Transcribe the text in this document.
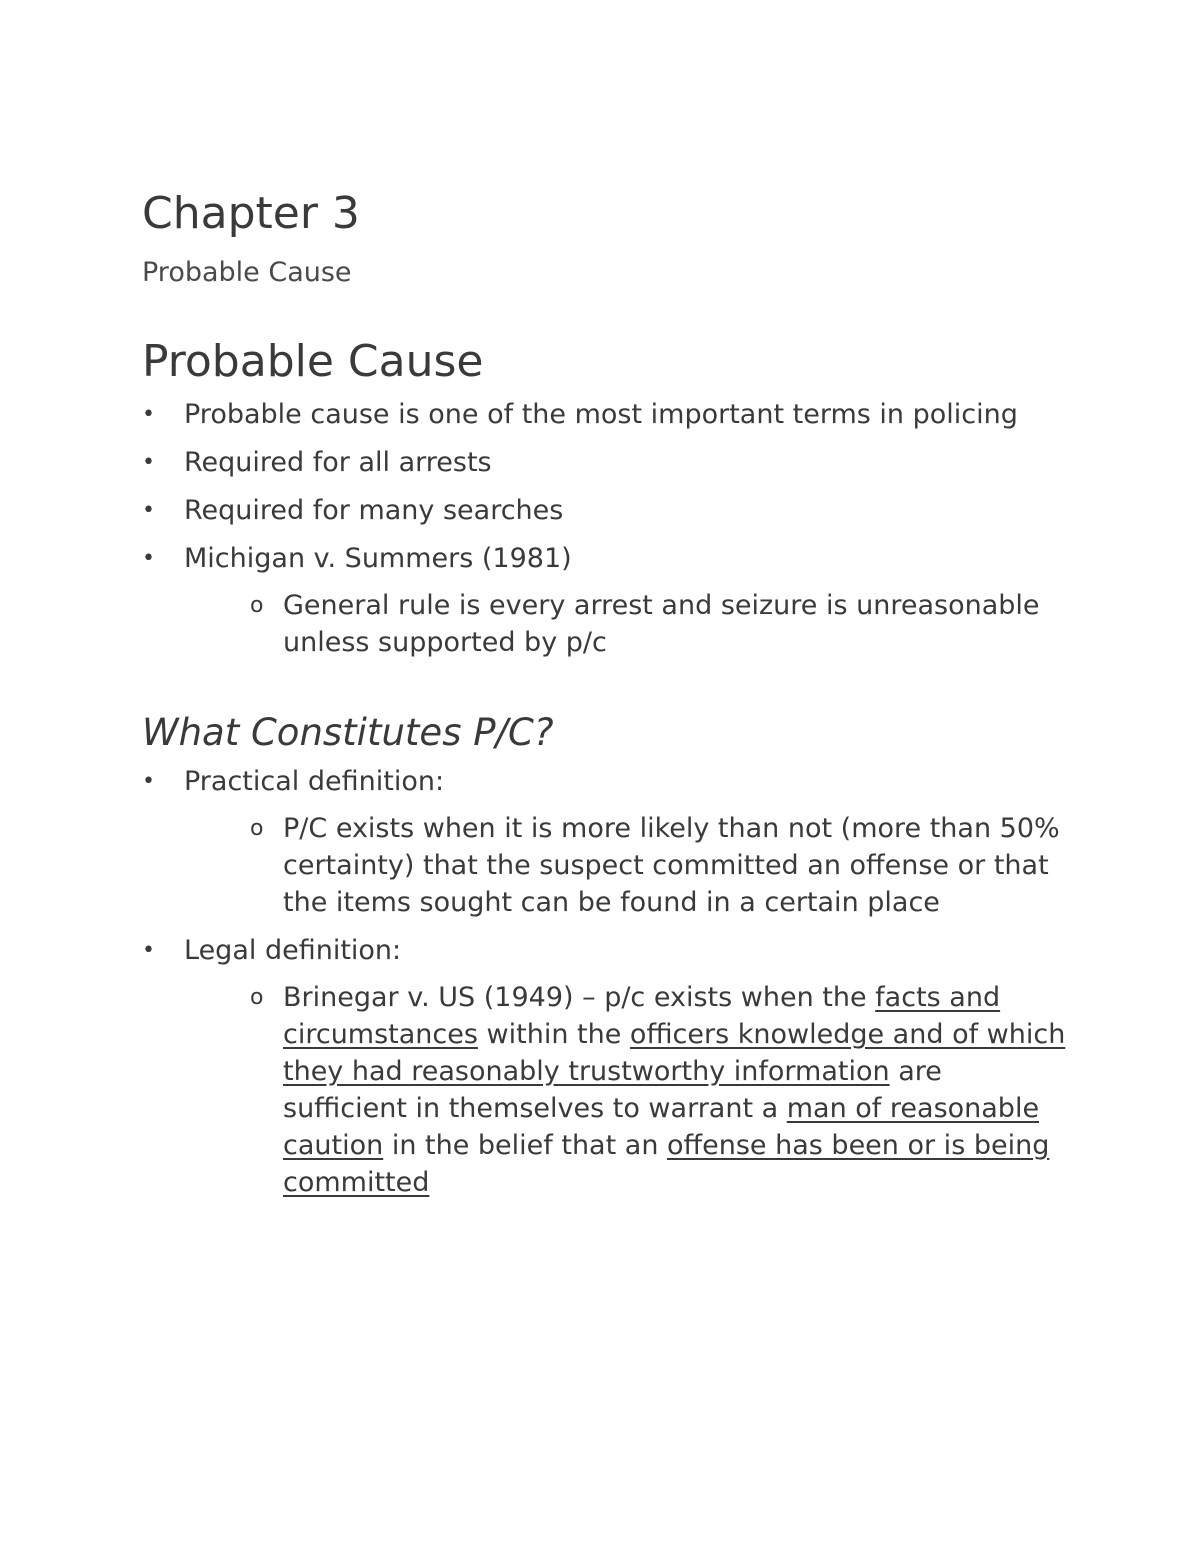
Chapter 3

Probable Cause

Probable Cause
• Probable cause is one of the most important terms in policing
• Required for all arrests
• Required for many searches
• Michigan v. Summers (1981)
o General rule is every arrest and seizure is unreasonable unless supported by p/c
What Constitutes P/C?
• Practical definition:
o P/C exists when it is more likely than not (more than 50% certainty) that the suspect committed an offense or that the items sought can be found in a certain place
• Legal definition:
o Brinegar v. US (1949) – p/c exists when the facts and circumstances within the officers knowledge and of which they had reasonably trustworthy information are sufficient in themselves to warrant a man of reasonable caution in the belief that an offense has been or is being committed
